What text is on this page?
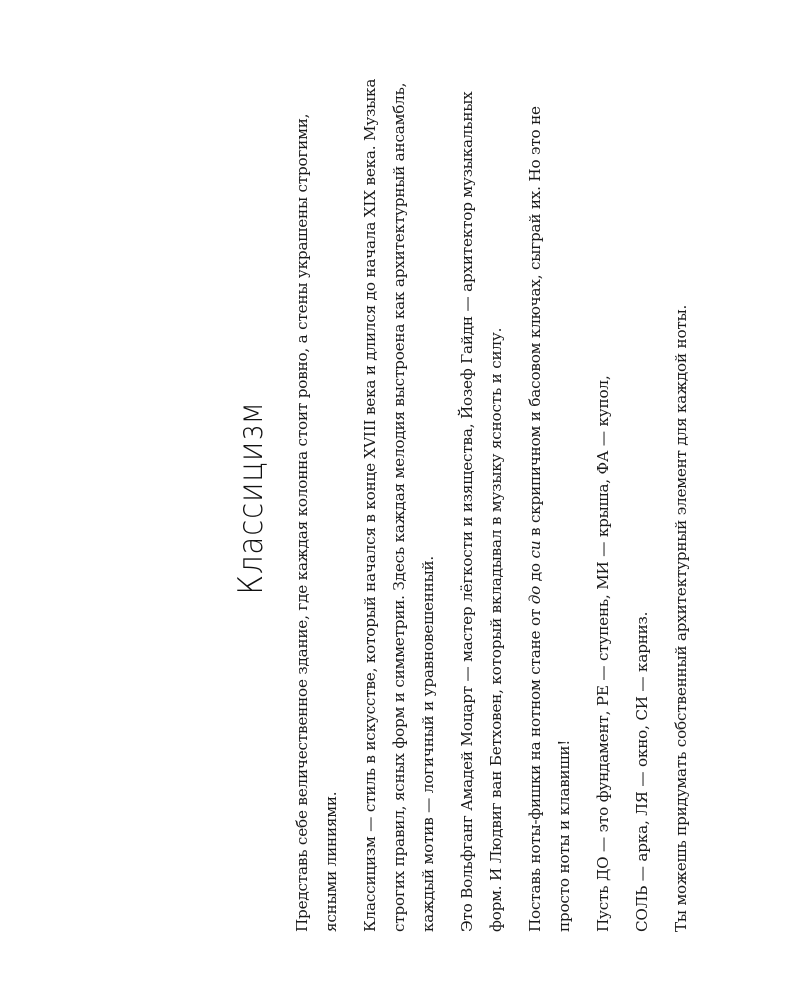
Классицизм	Представь себе величественное здание, где каждая колонна стоит ровно, а стены украшены строгими, ясными линиями.	Классицизм — стиль в искусстве, который начался в конце XVIII века и длился до начала XIX века. Музыка строгих правил, ясных форм и симметрии. Здесь каждая мелодия выстроена как архитектурный ансамбль, каждый мотив — логичный и уравновешенный.	Это Вольфганг Амадей Моцарт — мастер лёгкости и изящества, Йозеф Гайдн — архитектор музыкальных форм. И Людвиг ван Бетховен, который вкладывал в музыку ясность и силу.	Поставь ноты-фишки на нотном стане от до до си в скрипичном и басовом ключах, сыграй их. Но это не просто ноты и клавиши!	Пусть ДО — это фундамент, РЕ — ступень, МИ — крыша, ФА — купол,	СОЛЬ — арка, ЛЯ — окно, СИ — карниз.	Ты можешь придумать собственный архитектурный элемент для каждой ноты.
